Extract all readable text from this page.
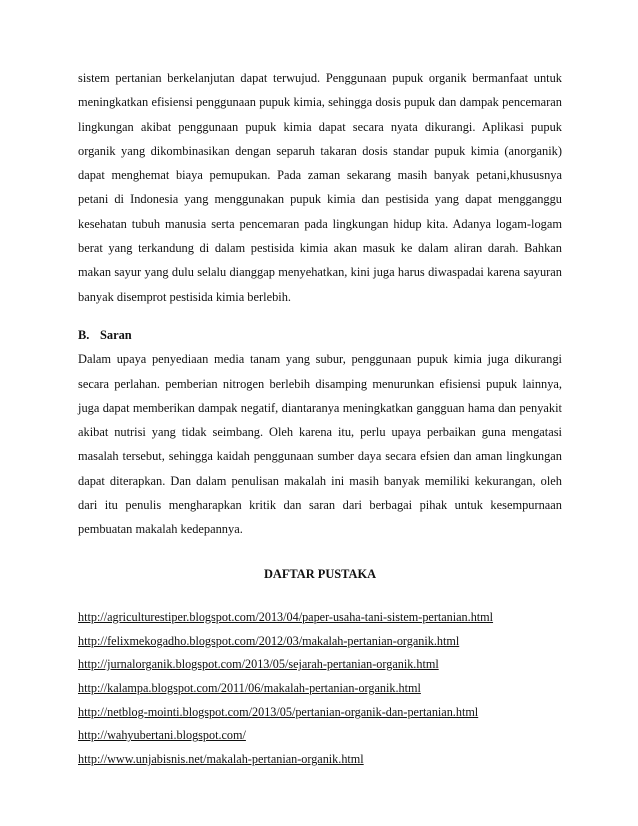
sistem pertanian berkelanjutan dapat terwujud. Penggunaan pupuk organik bermanfaat untuk meningkatkan efisiensi penggunaan pupuk kimia, sehingga dosis pupuk dan dampak pencemaran lingkungan akibat penggunaan pupuk kimia dapat secara nyata dikurangi. Aplikasi pupuk organik yang dikombinasikan dengan separuh takaran dosis standar pupuk kimia (anorganik) dapat menghemat biaya pemupukan. Pada zaman sekarang masih banyak petani,khususnya petani di Indonesia yang menggunakan pupuk kimia dan pestisida yang dapat mengganggu kesehatan tubuh manusia serta pencemaran pada lingkungan hidup kita. Adanya logam-logam berat yang terkandung di dalam pestisida kimia akan masuk ke dalam aliran darah. Bahkan makan sayur yang dulu selalu dianggap menyehatkan, kini juga harus diwaspadai karena sayuran banyak disemprot pestisida kimia berlebih.

B. Saran

Dalam upaya penyediaan media tanam yang subur, penggunaan pupuk kimia juga dikurangi secara perlahan. pemberian nitrogen berlebih disamping menurunkan efisiensi pupuk lainnya, juga dapat memberikan dampak negatif, diantaranya meningkatkan gangguan hama dan penyakit akibat nutrisi yang tidak seimbang. Oleh karena itu, perlu upaya perbaikan guna mengatasi masalah tersebut, sehingga kaidah penggunaan sumber daya secara efsien dan aman lingkungan dapat diterapkan. Dan dalam penulisan makalah ini masih banyak memiliki kekurangan, oleh dari itu penulis mengharapkan kritik dan saran dari berbagai pihak untuk kesempurnaan pembuatan makalah kedepannya.

DAFTAR PUSTAKA
http://agriculturestiper.blogspot.com/2013/04/paper-usaha-tani-sistem-pertanian.html
http://felixmekogadho.blogspot.com/2012/03/makalah-pertanian-organik.html
http://jurnalorganik.blogspot.com/2013/05/sejarah-pertanian-organik.html
http://kalampa.blogspot.com/2011/06/makalah-pertanian-organik.html
http://netblog-mointi.blogspot.com/2013/05/pertanian-organik-dan-pertanian.html
http://wahyubertani.blogspot.com/
http://www.unjabisnis.net/makalah-pertanian-organik.html
